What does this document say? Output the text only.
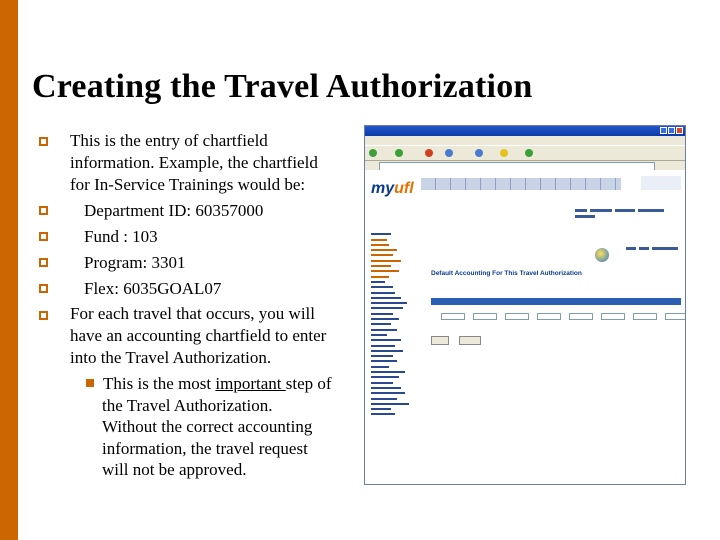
Creating the Travel Authorization
This is the entry of chartfield
information. Example, the chartfield
for In-Service Trainings would be:
Department ID: 60357000
Fund : 103
Program: 3301
Flex: 6035GOAL07
For each travel that occurs, you will
have an accounting chartfield to enter
into the Travel Authorization.
This is the most important step of
the Travel Authorization.
Without the correct accounting
information, the travel request
will not be approved.
myufl
Default Accounting For This Travel Authorization
